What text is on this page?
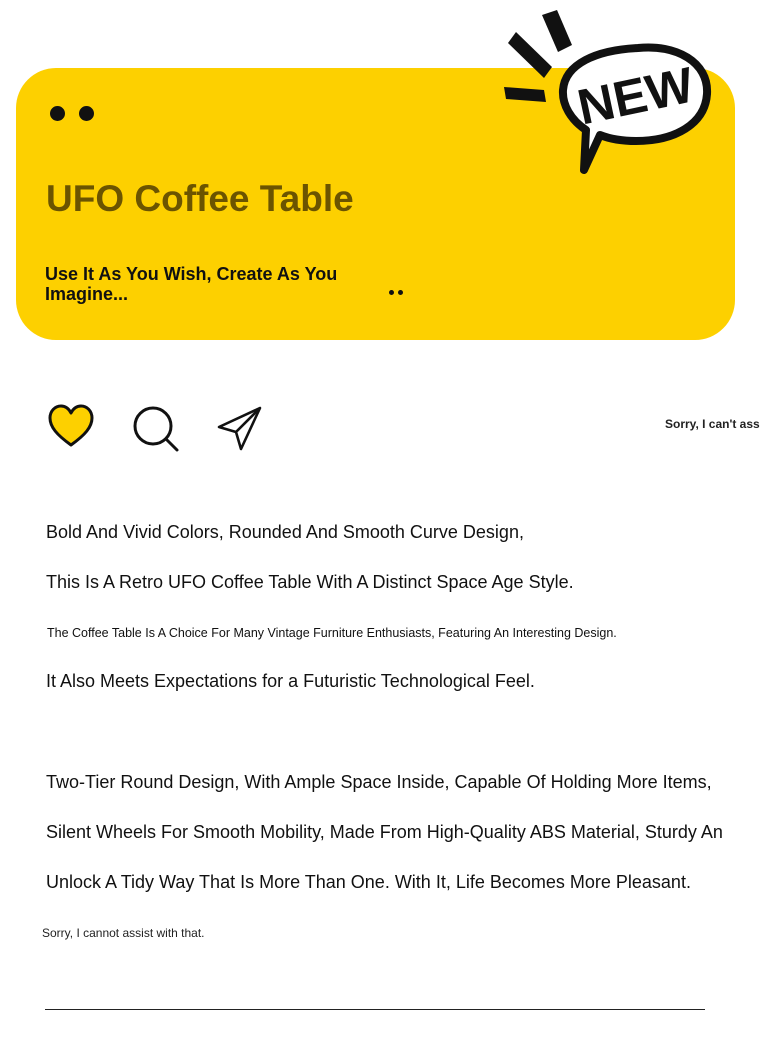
UFO Coffee Table
Use It As You Wish, Create As You Imagine...
NEW
Sorry, I can't ass
Bold And Vivid Colors, Rounded And Smooth Curve Design,
This Is A Retro UFO Coffee Table With A Distinct Space Age Style.
The Coffee Table Is A Choice For Many Vintage Furniture Enthusiasts, Featuring An Interesting Design.
It Also Meets Expectations for a Futuristic Technological Feel.
Two-Tier Round Design, With Ample Space Inside, Capable Of Holding More Items,
Silent Wheels For Smooth Mobility, Made From High-Quality ABS Material, Sturdy An
Unlock A Tidy Way That Is More Than One. With It, Life Becomes More Pleasant.
Sorry, I cannot assist with that.
